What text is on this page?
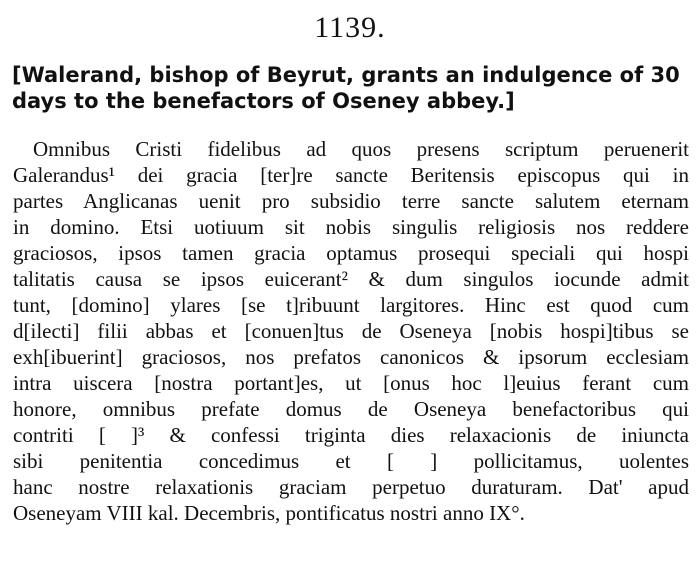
1139.
[Walerand, bishop of Beyrut, grants an indulgence of 30
days to the benefactors of Oseney abbey.]
Omnibus Cristi fidelibus ad quos presens scriptum peruenerit
Galerandus¹ dei gracia [ter]re sancte Beritensis episcopus qui in
partes Anglicanas uenit pro subsidio terre sancte salutem eternam
in domino. Etsi uotiuum sit nobis singulis religiosis nos reddere
graciosos, ipsos tamen gracia optamus prosequi speciali qui hospi
talitatis causa se ipsos euicerant² & dum singulos iocunde admit
tunt, [domino] ylares [se t]ribuunt largitores. Hinc est quod cum
d[ilecti] filii abbas et [conuen]tus de Oseneya [nobis hospi]tibus se
exh[ibuerint] graciosos, nos prefatos canonicos & ipsorum ecclesiam
intra uiscera [nostra portant]es, ut [onus hoc l]euius ferant cum
honore, omnibus prefate domus de Oseneya benefactoribus qui
contriti [ ]³ & confessi triginta dies relaxacionis de iniuncta
sibi penitentia concedimus et [ ] pollicitamus, uolentes
hanc nostre relaxationis graciam perpetuo duraturam. Dat' apud
Oseneyam VIII kal. Decembris, pontificatus nostri anno IX°.
